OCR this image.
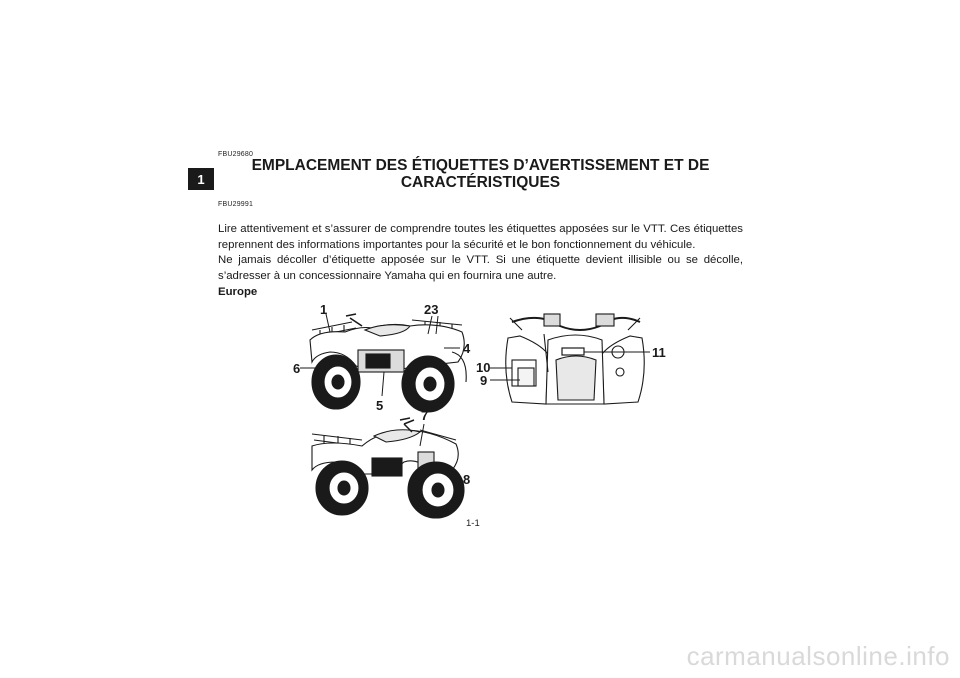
1
FBU29680
EMPLACEMENT DES ÉTIQUETTES D’AVERTISSEMENT ET DE CARACTÉRISTIQUES
FBU29991

Lire attentivement et s’assurer de comprendre toutes les étiquettes apposées sur le VTT. Ces étiquettes reprennent des informations importantes pour la sécurité et le bon fonctionnement du véhicule.

Ne jamais décoller d’étiquette apposée sur le VTT. Si une étiquette devient illisible ou se décolle, s’adresser à un concessionnaire Yamaha qui en fournira une autre.

Europe
1	23
4
6
5
7
8
10
9
11
1-1
carmanualsonline.info
